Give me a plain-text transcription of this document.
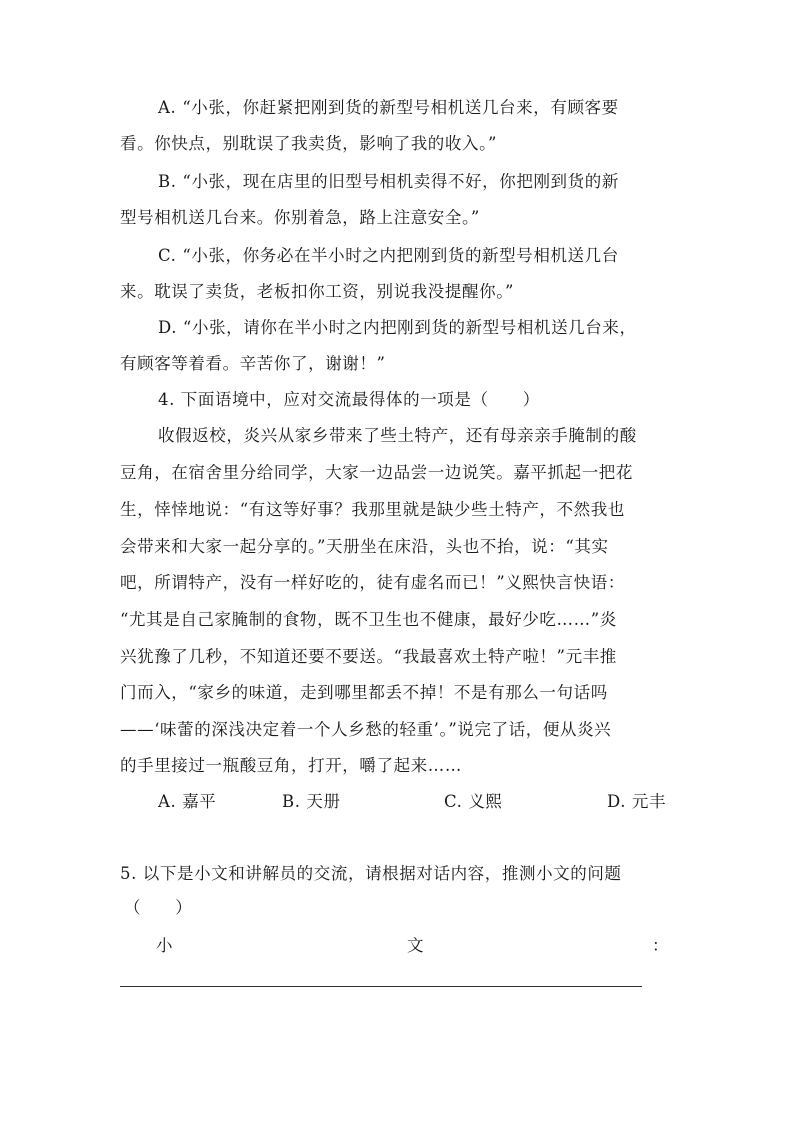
A. “小张，你赶紧把刚到货的新型号相机送几台来，有顾客要
看。你快点，别耽误了我卖货，影响了我的收入。”
B. “小张，现在店里的旧型号相机卖得不好，你把刚到货的新
型号相机送几台来。你别着急，路上注意安全。”
C. “小张，你务必在半小时之内把刚到货的新型号相机送几台
来。耽误了卖货，老板扣你工资，别说我没提醒你。”
D. “小张，请你在半小时之内把刚到货的新型号相机送几台来，
有顾客等着看。辛苦你了，谢谢！”
4. 下面语境中，应对交流最得体的一项是（　　）
收假返校，炎兴从家乡带来了些土特产，还有母亲亲手腌制的酸
豆角，在宿舍里分给同学，大家一边品尝一边说笑。嘉平抓起一把花
生，悻悻地说：“有这等好事？我那里就是缺少些土特产，不然我也
会带来和大家一起分享的。”天册坐在床沿，头也不抬，说：“其实
吧，所谓特产，没有一样好吃的，徒有虚名而已！”义熙快言快语：
“尤其是自己家腌制的食物，既不卫生也不健康，最好少吃……”炎
兴犹豫了几秒，不知道还要不要送。“我最喜欢土特产啦！”元丰推
门而入，“家乡的味道，走到哪里都丢不掉！不是有那么一句话吗
——‘味蕾的深浅决定着一个人乡愁的轻重’。”说完了话，便从炎兴
的手里接过一瓶酸豆角，打开，嚼了起来……
A. 嘉平	B. 天册	C. 义熙	D. 元丰
5. 以下是小文和讲解员的交流，请根据对话内容，推测小文的问题
（　　）
小	文	：
